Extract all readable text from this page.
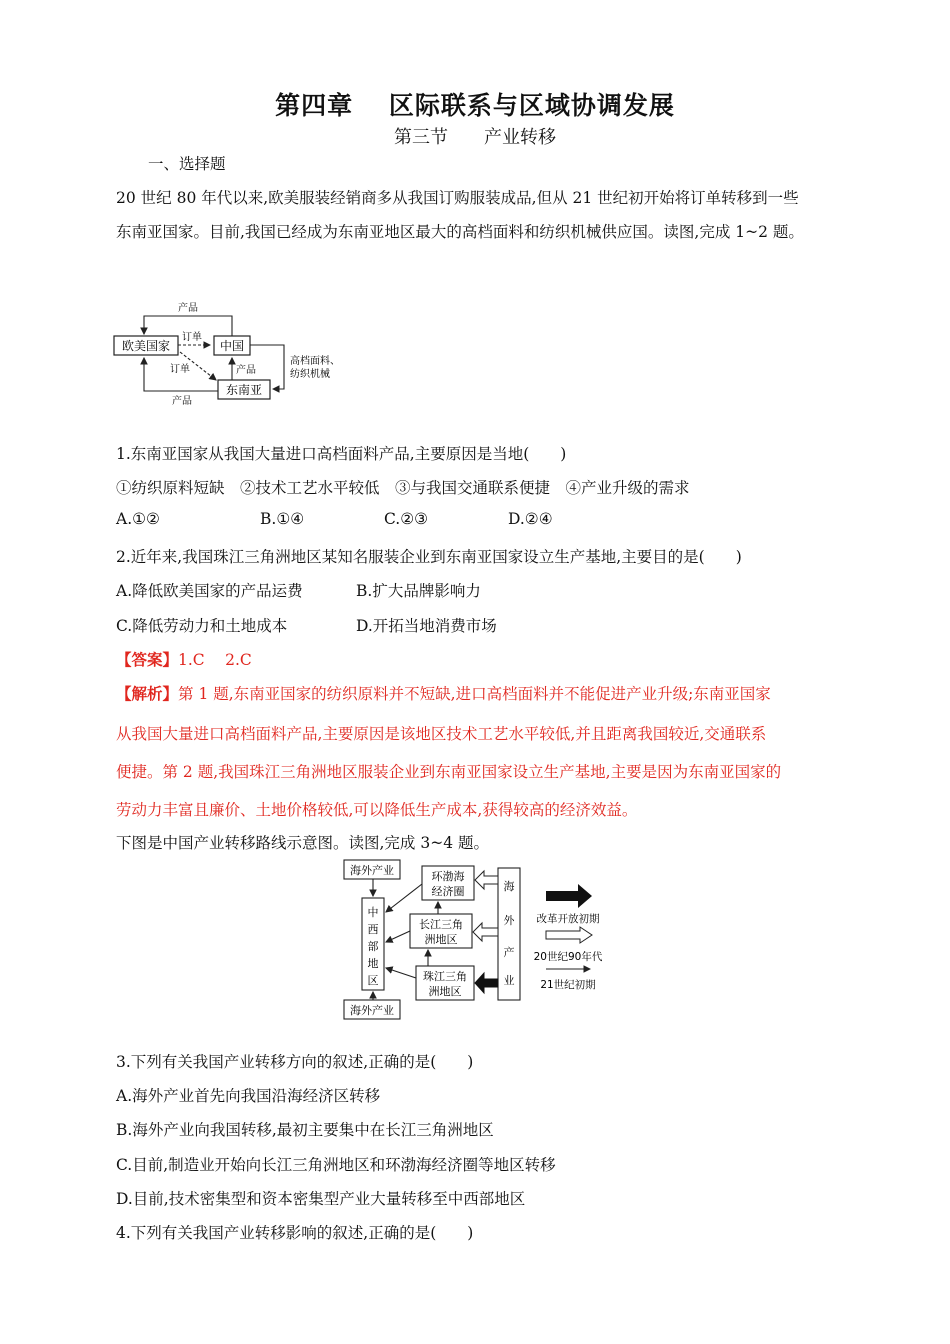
第四章　 区际联系与区域协调发展
第三节　　产业转移
一、选择题
20 世纪 80 年代以来,欧美服装经销商多从我国订购服装成品,但从 21 世纪初开始将订单转移到一些
东南亚国家。目前,我国已经成为东南亚地区最大的高档面料和纺织机械供应国。读图,完成 1~2 题。
欧美国家	中国
东南亚
产品
订单
订单	产品
产品
高档面料、
纺织机械
1.东南亚国家从我国大量进口高档面料产品,主要原因是当地(　　)
①纺织原料短缺　②技术工艺水平较低　③与我国交通联系便捷　④产业升级的需求
A.①②	B.①④	C.②③	D.②④
2.近年来,我国珠江三角洲地区某知名服装企业到东南亚国家设立生产基地,主要目的是(　　)
A.降低欧美国家的产品运费	B.扩大品牌影响力
C.降低劳动力和土地成本	D.开拓当地消费市场
【答案】1.C　 2.C
【解析】第 1 题,东南亚国家的纺织原料并不短缺,进口高档面料并不能促进产业升级;东南亚国家
从我国大量进口高档面料产品,主要原因是该地区技术工艺水平较低,并且距离我国较近,交通联系
便捷。第 2 题,我国珠江三角洲地区服装企业到东南亚国家设立生产基地,主要是因为东南亚国家的
劳动力丰富且廉价、土地价格较低,可以降低生产成本,获得较高的经济效益。
下图是中国产业转移路线示意图。读图,完成 3~4 题。
海外产业
海外产业
中
西
部
地
区
环渤海
经济圈
长江三角
洲地区
珠江三角
洲地区
海
外
产
业
改革开放初期
20世纪90年代
21世纪初期
3.下列有关我国产业转移方向的叙述,正确的是(　　)
A.海外产业首先向我国沿海经济区转移
B.海外产业向我国转移,最初主要集中在长江三角洲地区
C.目前,制造业开始向长江三角洲地区和环渤海经济圈等地区转移
D.目前,技术密集型和资本密集型产业大量转移至中西部地区
4.下列有关我国产业转移影响的叙述,正确的是(　　)
